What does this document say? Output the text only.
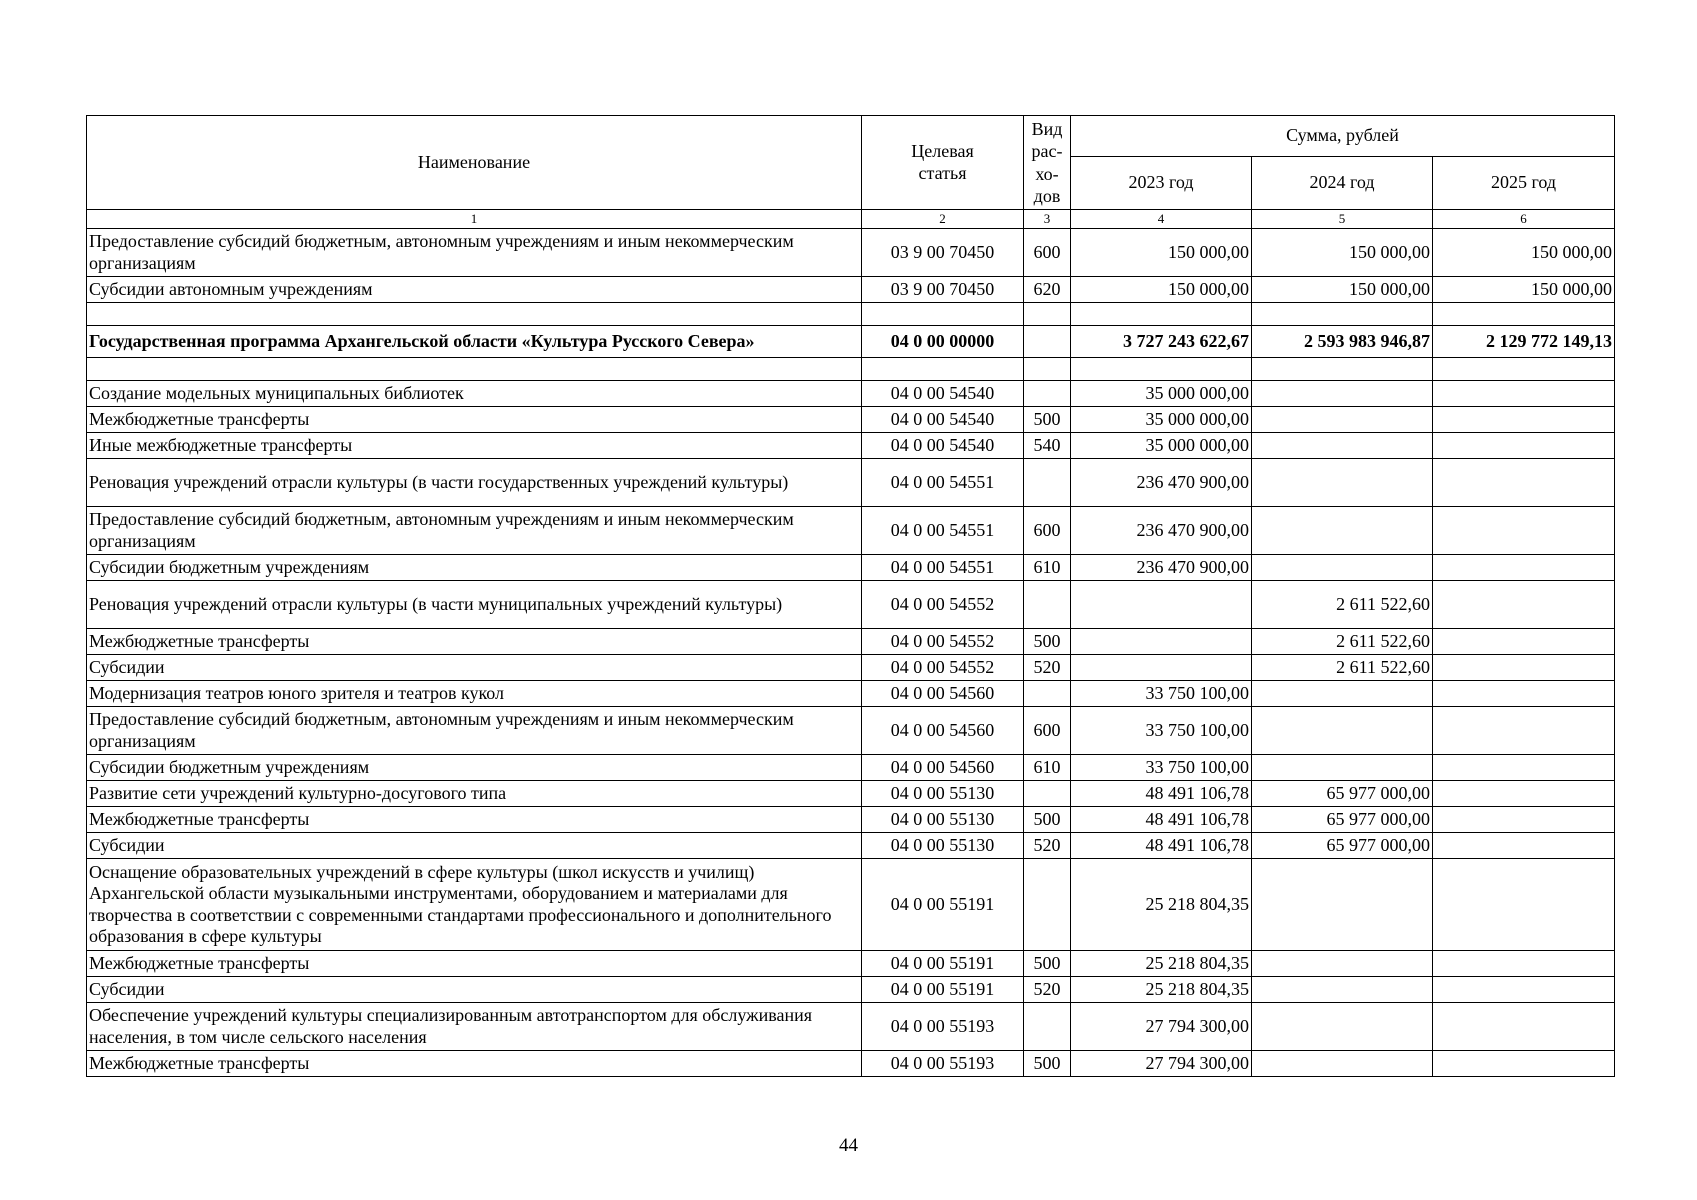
Наименование	Целевая статья	Вид рас-хо-дов	Сумма, рублей		
			2023 год	2024 год	2025 год
1	2	3	4	5	6
Предоставление субсидий бюджетным, автономным учреждениям и иным некоммерческим организациям	03 9 00 70450	600	150 000,00	150 000,00	150 000,00
Субсидии автономным учреждениям	03 9 00 70450	620	150 000,00	150 000,00	150 000,00

Государственная программа Архангельской области «Культура Русского Севера»	04 0 00 00000		3 727 243 622,67	2 593 983 946,87	2 129 772 149,13

Создание модельных муниципальных библиотек	04 0 00 54540		35 000 000,00		
Межбюджетные трансферты	04 0 00 54540	500	35 000 000,00		
Иные межбюджетные трансферты	04 0 00 54540	540	35 000 000,00		
Реновация учреждений отрасли культуры (в части государственных учреждений культуры)	04 0 00 54551		236 470 900,00		
Предоставление субсидий бюджетным, автономным учреждениям и иным некоммерческим организациям	04 0 00 54551	600	236 470 900,00		
Субсидии бюджетным учреждениям	04 0 00 54551	610	236 470 900,00		
Реновация учреждений отрасли культуры (в части муниципальных учреждений культуры)	04 0 00 54552			2 611 522,60	
Межбюджетные трансферты	04 0 00 54552	500		2 611 522,60	
Субсидии	04 0 00 54552	520		2 611 522,60	
Модернизация театров юного зрителя и театров кукол	04 0 00 54560		33 750 100,00		
Предоставление субсидий бюджетным, автономным учреждениям и иным некоммерческим организациям	04 0 00 54560	600	33 750 100,00		
Субсидии бюджетным учреждениям	04 0 00 54560	610	33 750 100,00		
Развитие сети учреждений культурно-досугового типа	04 0 00 55130		48 491 106,78	65 977 000,00	
Межбюджетные трансферты	04 0 00 55130	500	48 491 106,78	65 977 000,00	
Субсидии	04 0 00 55130	520	48 491 106,78	65 977 000,00	
Оснащение образовательных учреждений в сфере культуры (школ искусств и училищ) Архангельской области музыкальными инструментами, оборудованием и материалами для творчества в соответствии с современными стандартами профессионального и дополнительного образования в сфере культуры	04 0 00 55191		25 218 804,35		
Межбюджетные трансферты	04 0 00 55191	500	25 218 804,35		
Субсидии	04 0 00 55191	520	25 218 804,35		
Обеспечение учреждений культуры специализированным автотранспортом для обслуживания населения, в том числе сельского населения	04 0 00 55193		27 794 300,00		
Межбюджетные трансферты	04 0 00 55193	500	27 794 300,00		
44
